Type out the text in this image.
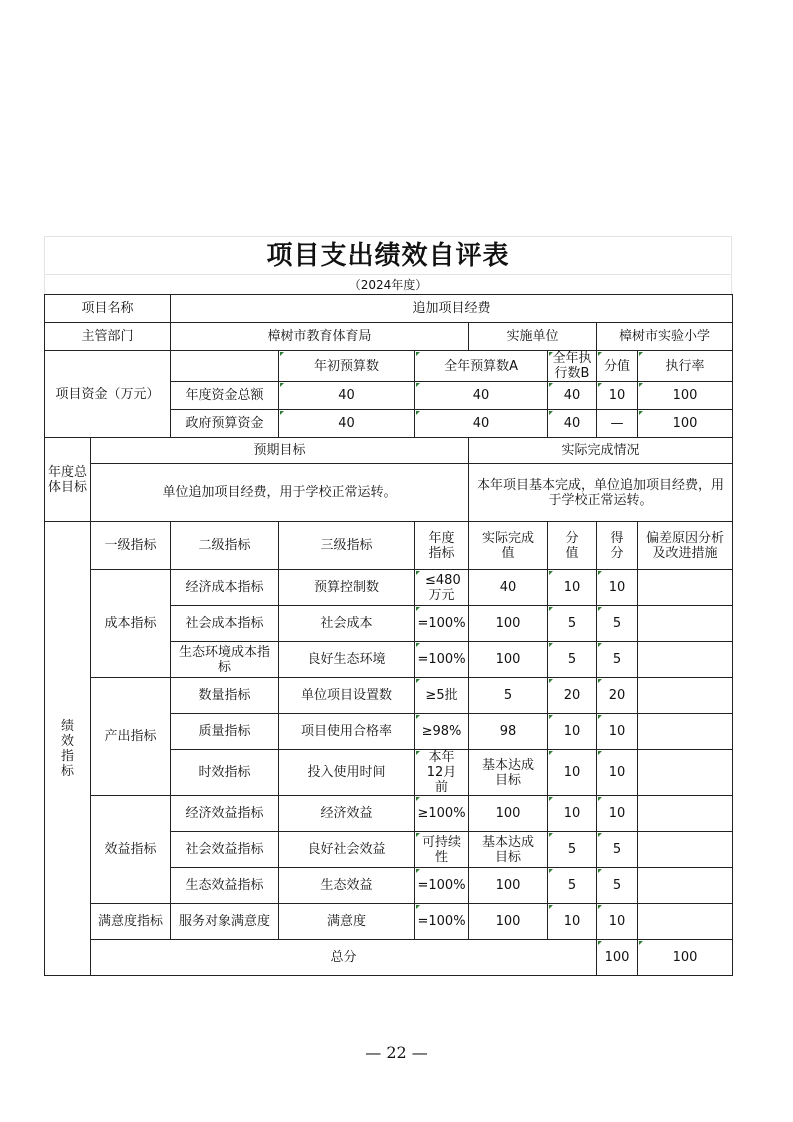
项目支出绩效自评表
（2024年度）
项目名称		追加项目经费							
主管部门		樟树市教育体育局			实施单位		樟树市实验小学		
项目资金（万元）			年初预算数	全年预算数A		全年执行数B	分值	执行率	
		年度资金总额	40	40		40	10	100	
		政府预算资金	40	40		40	—	100	
年度总体目标	预期目标				实际完成情况				
	单位追加项目经费，用于学校正常运转。				本年项目基本完成，单位追加项目经费，用于学校正常运转。				
绩效指标	一级指标	二级指标	三级指标	年度指标	实际完成值	分值	得分	偏差原因分析及改进措施	
	成本指标	经济成本指标	预算控制数	≤480万元	40	10	10		
		社会成本指标	社会成本	=100%	100	5	5		
		生态环境成本指标	良好生态环境	=100%	100	5	5		
	产出指标	数量指标	单位项目设置数	≥5批	5	20	20		
		质量指标	项目使用合格率	≥98%	98	10	10		
		时效指标	投入使用时间	本年12月前	基本达成目标	10	10		
	效益指标	经济效益指标	经济效益	≥100%	100	10	10		
		社会效益指标	良好社会效益	可持续性	基本达成目标	5	5		
		生态效益指标	生态效益	=100%	100	5	5		
	满意度指标	服务对象满意度	满意度	=100%	100	10	10		
	总分						100	100	
— 22 —
